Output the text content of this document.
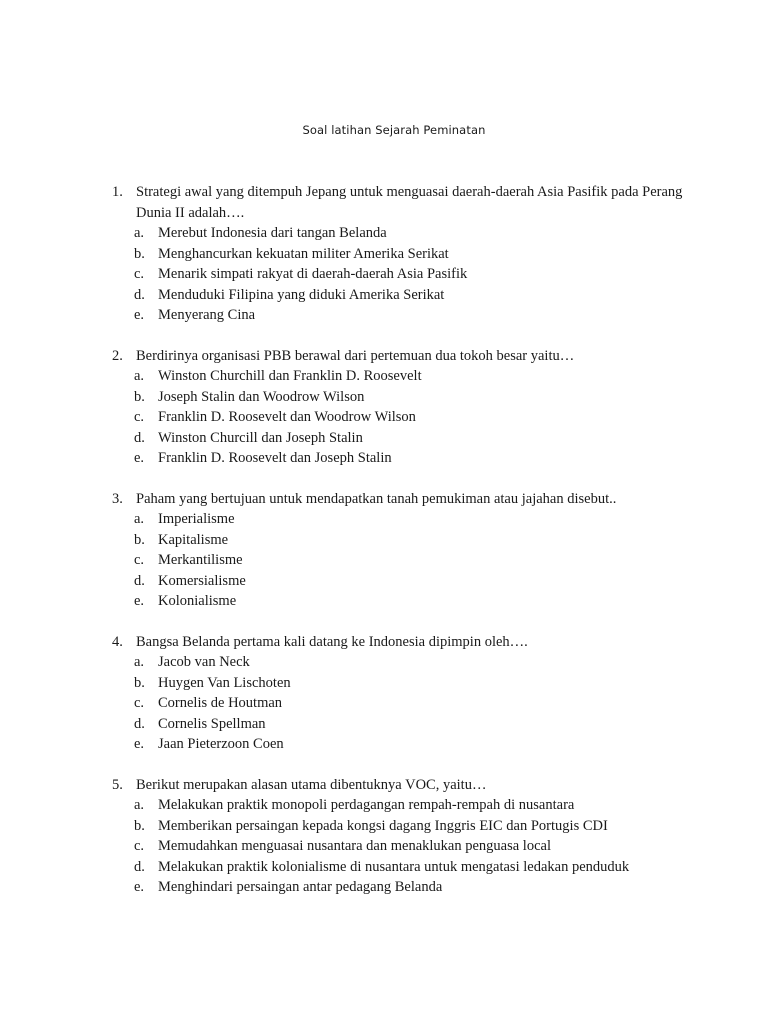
Soal latihan Sejarah Peminatan
1. Strategi awal yang ditempuh Jepang untuk menguasai daerah-daerah Asia Pasifik pada Perang Dunia II adalah….
a. Merebut Indonesia dari tangan Belanda
b. Menghancurkan kekuatan militer Amerika Serikat
c. Menarik simpati rakyat di daerah-daerah Asia Pasifik
d. Menduduki Filipina yang diduki Amerika Serikat
e. Menyerang Cina
2. Berdirinya organisasi PBB berawal dari pertemuan dua tokoh besar yaitu…
a. Winston Churchill dan Franklin D. Roosevelt
b. Joseph Stalin dan Woodrow Wilson
c. Franklin D. Roosevelt dan Woodrow Wilson
d. Winston Churcill dan Joseph Stalin
e. Franklin D. Roosevelt dan Joseph Stalin
3. Paham yang bertujuan untuk mendapatkan tanah pemukiman atau jajahan disebut..
a. Imperialisme
b. Kapitalisme
c. Merkantilisme
d. Komersialisme
e. Kolonialisme
4. Bangsa Belanda pertama kali datang ke Indonesia dipimpin oleh….
a. Jacob van Neck
b. Huygen Van Lischoten
c. Cornelis de Houtman
d. Cornelis Spellman
e. Jaan Pieterzoon Coen
5. Berikut merupakan alasan utama dibentuknya VOC, yaitu…
a. Melakukan praktik monopoli perdagangan rempah-rempah di nusantara
b. Memberikan persaingan kepada kongsi dagang Inggris EIC dan Portugis CDI
c. Memudahkan menguasai nusantara dan menaklukan penguasa local
d. Melakukan praktik kolonialisme di nusantara untuk mengatasi ledakan penduduk
e. Menghindari persaingan antar pedagang Belanda
